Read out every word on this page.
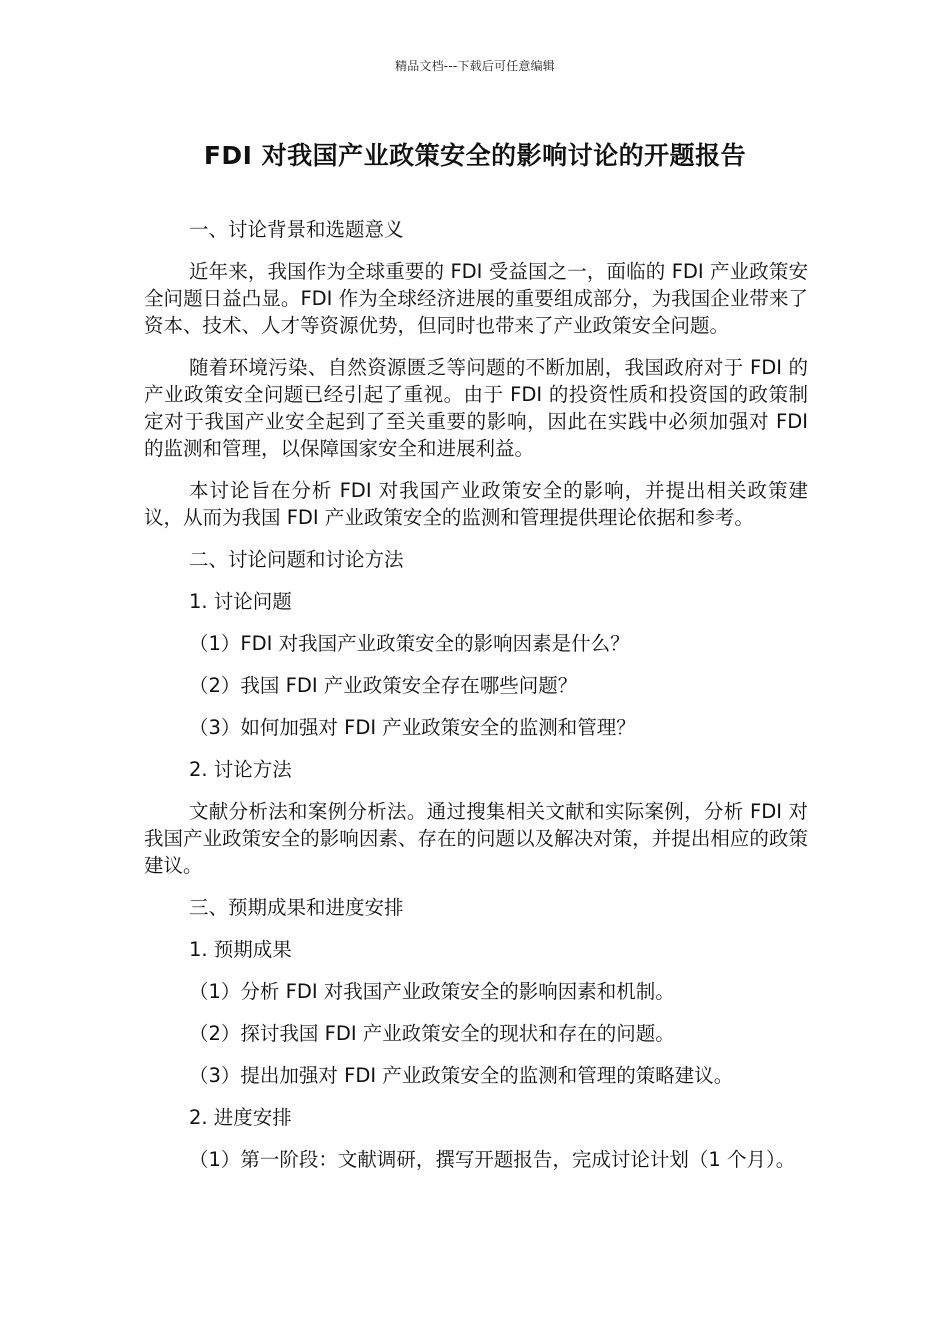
精品文档---下载后可任意编辑
FDI 对我国产业政策安全的影响讨论的开题报告

一、讨论背景和选题意义

近年来，我国作为全球重要的 FDI 受益国之一，面临的 FDI 产业政策安全问题日益凸显。FDI 作为全球经济进展的重要组成部分，为我国企业带来了资本、技术、人才等资源优势，但同时也带来了产业政策安全问题。

随着环境污染、自然资源匮乏等问题的不断加剧，我国政府对于 FDI 的产业政策安全问题已经引起了重视。由于 FDI 的投资性质和投资国的政策制定对于我国产业安全起到了至关重要的影响，因此在实践中必须加强对 FDI 的监测和管理，以保障国家安全和进展利益。

本讨论旨在分析 FDI 对我国产业政策安全的影响，并提出相关政策建议，从而为我国 FDI 产业政策安全的监测和管理提供理论依据和参考。

二、讨论问题和讨论方法

1. 讨论问题

（1）FDI 对我国产业政策安全的影响因素是什么？

（2）我国 FDI 产业政策安全存在哪些问题？

（3）如何加强对 FDI 产业政策安全的监测和管理？

2. 讨论方法

文献分析法和案例分析法。通过搜集相关文献和实际案例，分析 FDI 对我国产业政策安全的影响因素、存在的问题以及解决对策，并提出相应的政策建议。

三、预期成果和进度安排

1. 预期成果

（1）分析 FDI 对我国产业政策安全的影响因素和机制。

（2）探讨我国 FDI 产业政策安全的现状和存在的问题。

（3）提出加强对 FDI 产业政策安全的监测和管理的策略建议。

2. 进度安排

（1）第一阶段：文献调研，撰写开题报告，完成讨论计划（1 个月）。
